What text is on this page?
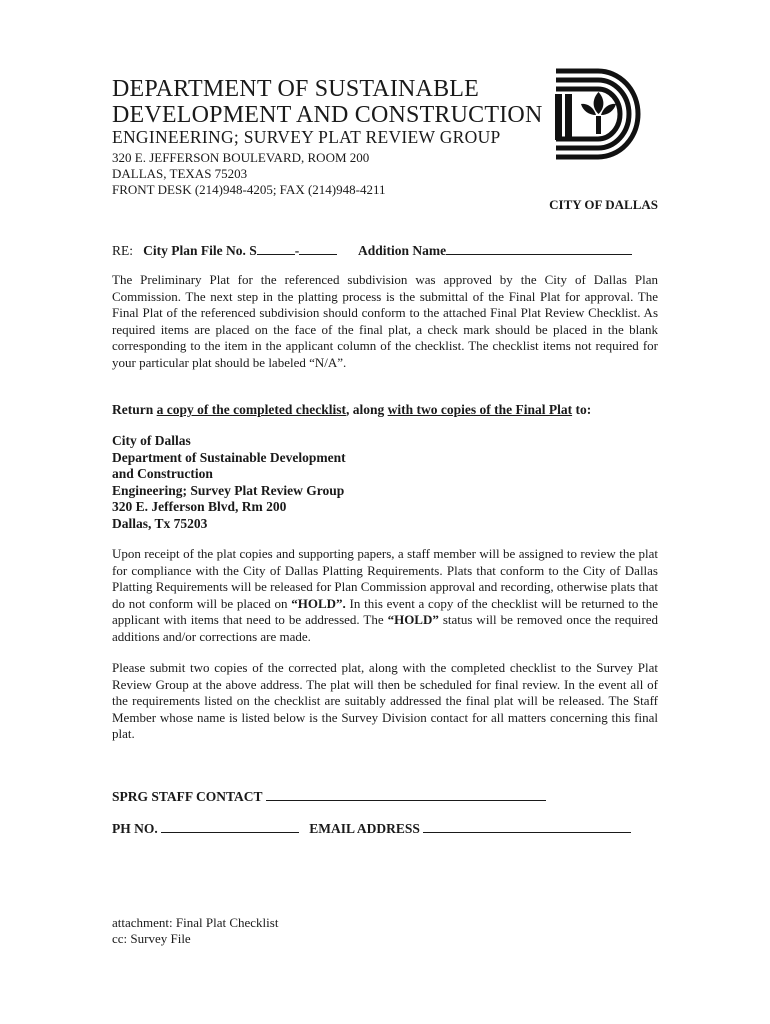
DEPARTMENT OF SUSTAINABLE
DEVELOPMENT AND CONSTRUCTION
ENGINEERING; SURVEY PLAT REVIEW GROUP
320 E. JEFFERSON BOULEVARD, ROOM 200
DALLAS, TEXAS 75203
FRONT DESK (214)948-4205; FAX (214)948-4211
CITY OF DALLAS
RE: City Plan File No. S	-	Addition Name
The Preliminary Plat for the referenced subdivision was approved by the City of Dallas Plan Commission. The next step in the platting process is the submittal of the Final Plat for approval. The Final Plat of the referenced subdivision should conform to the attached Final Plat Review Checklist. As required items are placed on the face of the final plat, a check mark should be placed in the blank corresponding to the item in the applicant column of the checklist. The checklist items not required for your particular plat should be labeled “N/A”.
Return a copy of the completed checklist, along with two copies of the Final Plat to:
City of Dallas
Department of Sustainable Development
and Construction
Engineering; Survey Plat Review Group
320 E. Jefferson Blvd, Rm 200
Dallas, Tx 75203
Upon receipt of the plat copies and supporting papers, a staff member will be assigned to review the plat for compliance with the City of Dallas Platting Requirements. Plats that conform to the City of Dallas Platting Requirements will be released for Plan Commission approval and recording, otherwise plats that do not conform will be placed on “HOLD”. In this event a copy of the checklist will be returned to the applicant with items that need to be addressed. The “HOLD” status will be removed once the required additions and/or corrections are made.
Please submit two copies of the corrected plat, along with the completed checklist to the Survey Plat Review Group at the above address. The plat will then be scheduled for final review. In the event all of the requirements listed on the checklist are suitably addressed the final plat will be released. The Staff Member whose name is listed below is the Survey Division contact for all matters concerning this final plat.
SPRG STAFF CONTACT
PH NO.	EMAIL ADDRESS
attachment: Final Plat Checklist
cc: Survey File
